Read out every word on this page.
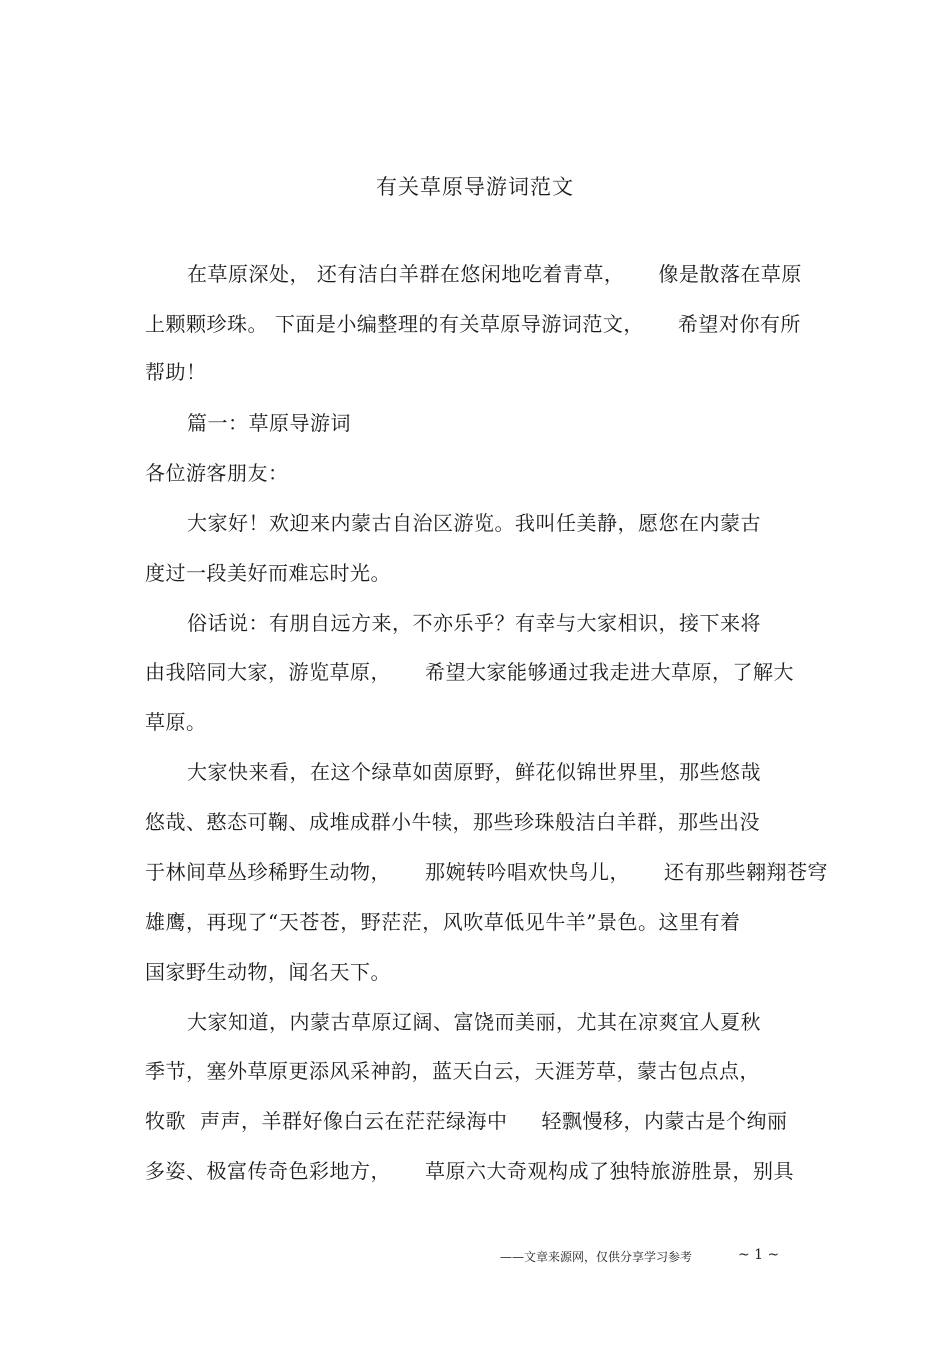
有关草原导游词范文
在草原深处， 还有洁白羊群在悠闲地吃着青草， 像是散落在草原
上颗颗珍珠。 下面是小编整理的有关草原导游词范文， 希望对你有所
帮助！
篇一：草原导游词
各位游客朋友：
大家好！欢迎来内蒙古自治区游览。我叫任美静，愿您在内蒙古
度过一段美好而难忘时光。
俗话说：有朋自远方来，不亦乐乎？有幸与大家相识，接下来将
由我陪同大家，游览草原， 希望大家能够通过我走进大草原，了解大
草原。
大家快来看，在这个绿草如茵原野，鲜花似锦世界里，那些悠哉
悠哉、憨态可鞠、成堆成群小牛犊，那些珍珠般洁白羊群，那些出没
于林间草丛珍稀野生动物， 那婉转吟唱欢快鸟儿， 还有那些翱翔苍穹
雄鹰，再现了“天苍苍，野茫茫，风吹草低见牛羊”景色。这里有着
国家野生动物，闻名天下。
大家知道，内蒙古草原辽阔、富饶而美丽，尤其在凉爽宜人夏秋
季节，塞外草原更添风采神韵，蓝天白云，天涯芳草，蒙古包点点，
牧歌 声声，羊群好像白云在茫茫绿海中 轻飘慢移，内蒙古是个绚丽
多姿、极富传奇色彩地方， 草原六大奇观构成了独特旅游胜景，别具
——文章来源网，仅供分享学习参考	~ 1 ~
